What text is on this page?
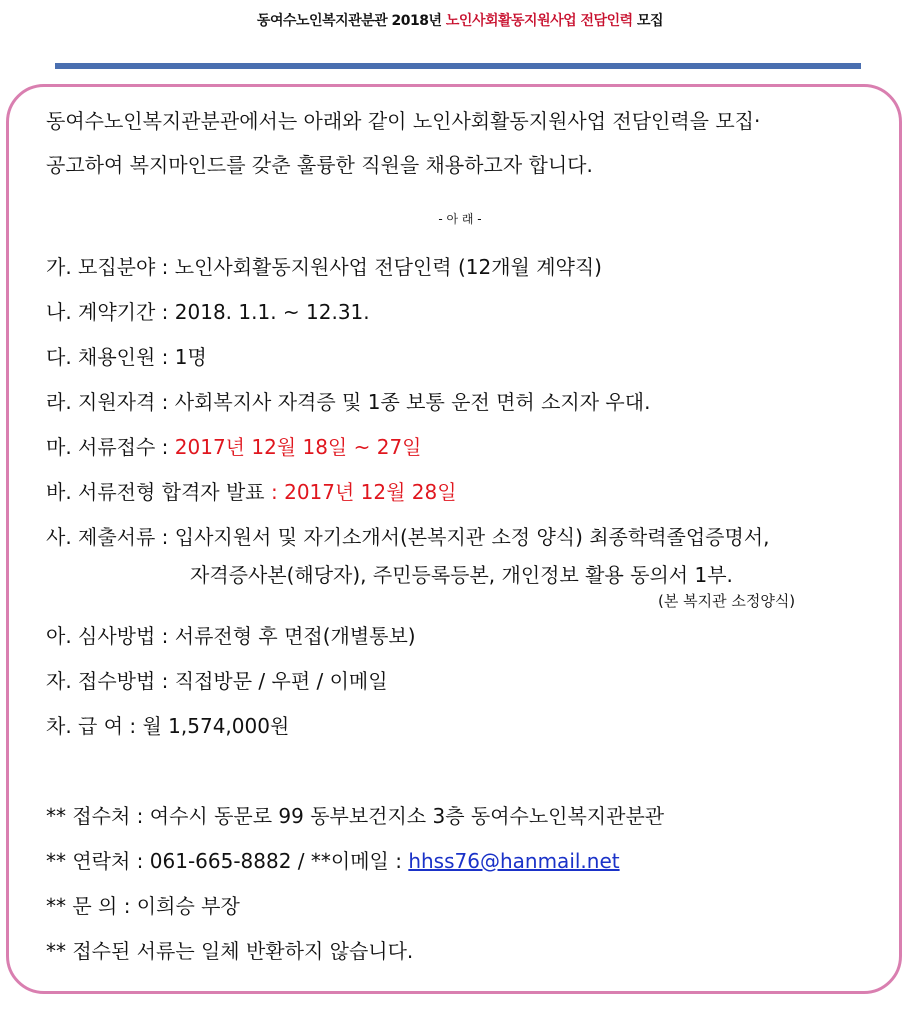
동여수노인복지관분관 2018년 노인사회활동지원사업 전담인력 모집
동여수노인복지관분관에서는 아래와 같이 노인사회활동지원사업 전담인력을 모집·
공고하여 복지마인드를 갖춘 훌륭한 직원을 채용하고자 합니다.
- 아 래 -
가. 모집분야 : 노인사회활동지원사업 전담인력 (12개월 계약직)
나. 계약기간 : 2018. 1.1. ~ 12.31.
다. 채용인원 : 1명
라. 지원자격 : 사회복지사 자격증 및 1종 보통 운전 면허 소지자 우대.
마. 서류접수 : 2017년 12월 18일 ~ 27일
바. 서류전형 합격자 발표 : 2017년 12월 28일
사. 제출서류 : 입사지원서 및 자기소개서(본복지관 소정 양식) 최종학력졸업증명서,
자격증사본(해당자), 주민등록등본, 개인정보 활용 동의서 1부.
(본 복지관 소정양식)
아. 심사방법 : 서류전형 후 면접(개별통보)
자. 접수방법 : 직접방문 / 우편 / 이메일
차. 급 여 : 월 1,574,000원
** 접수처 : 여수시 동문로 99 동부보건지소 3층 동여수노인복지관분관
** 연락처 : 061-665-8882 / **이메일 : hhss76@hanmail.net
** 문 의 : 이희승 부장
** 접수된 서류는 일체 반환하지 않습니다.
